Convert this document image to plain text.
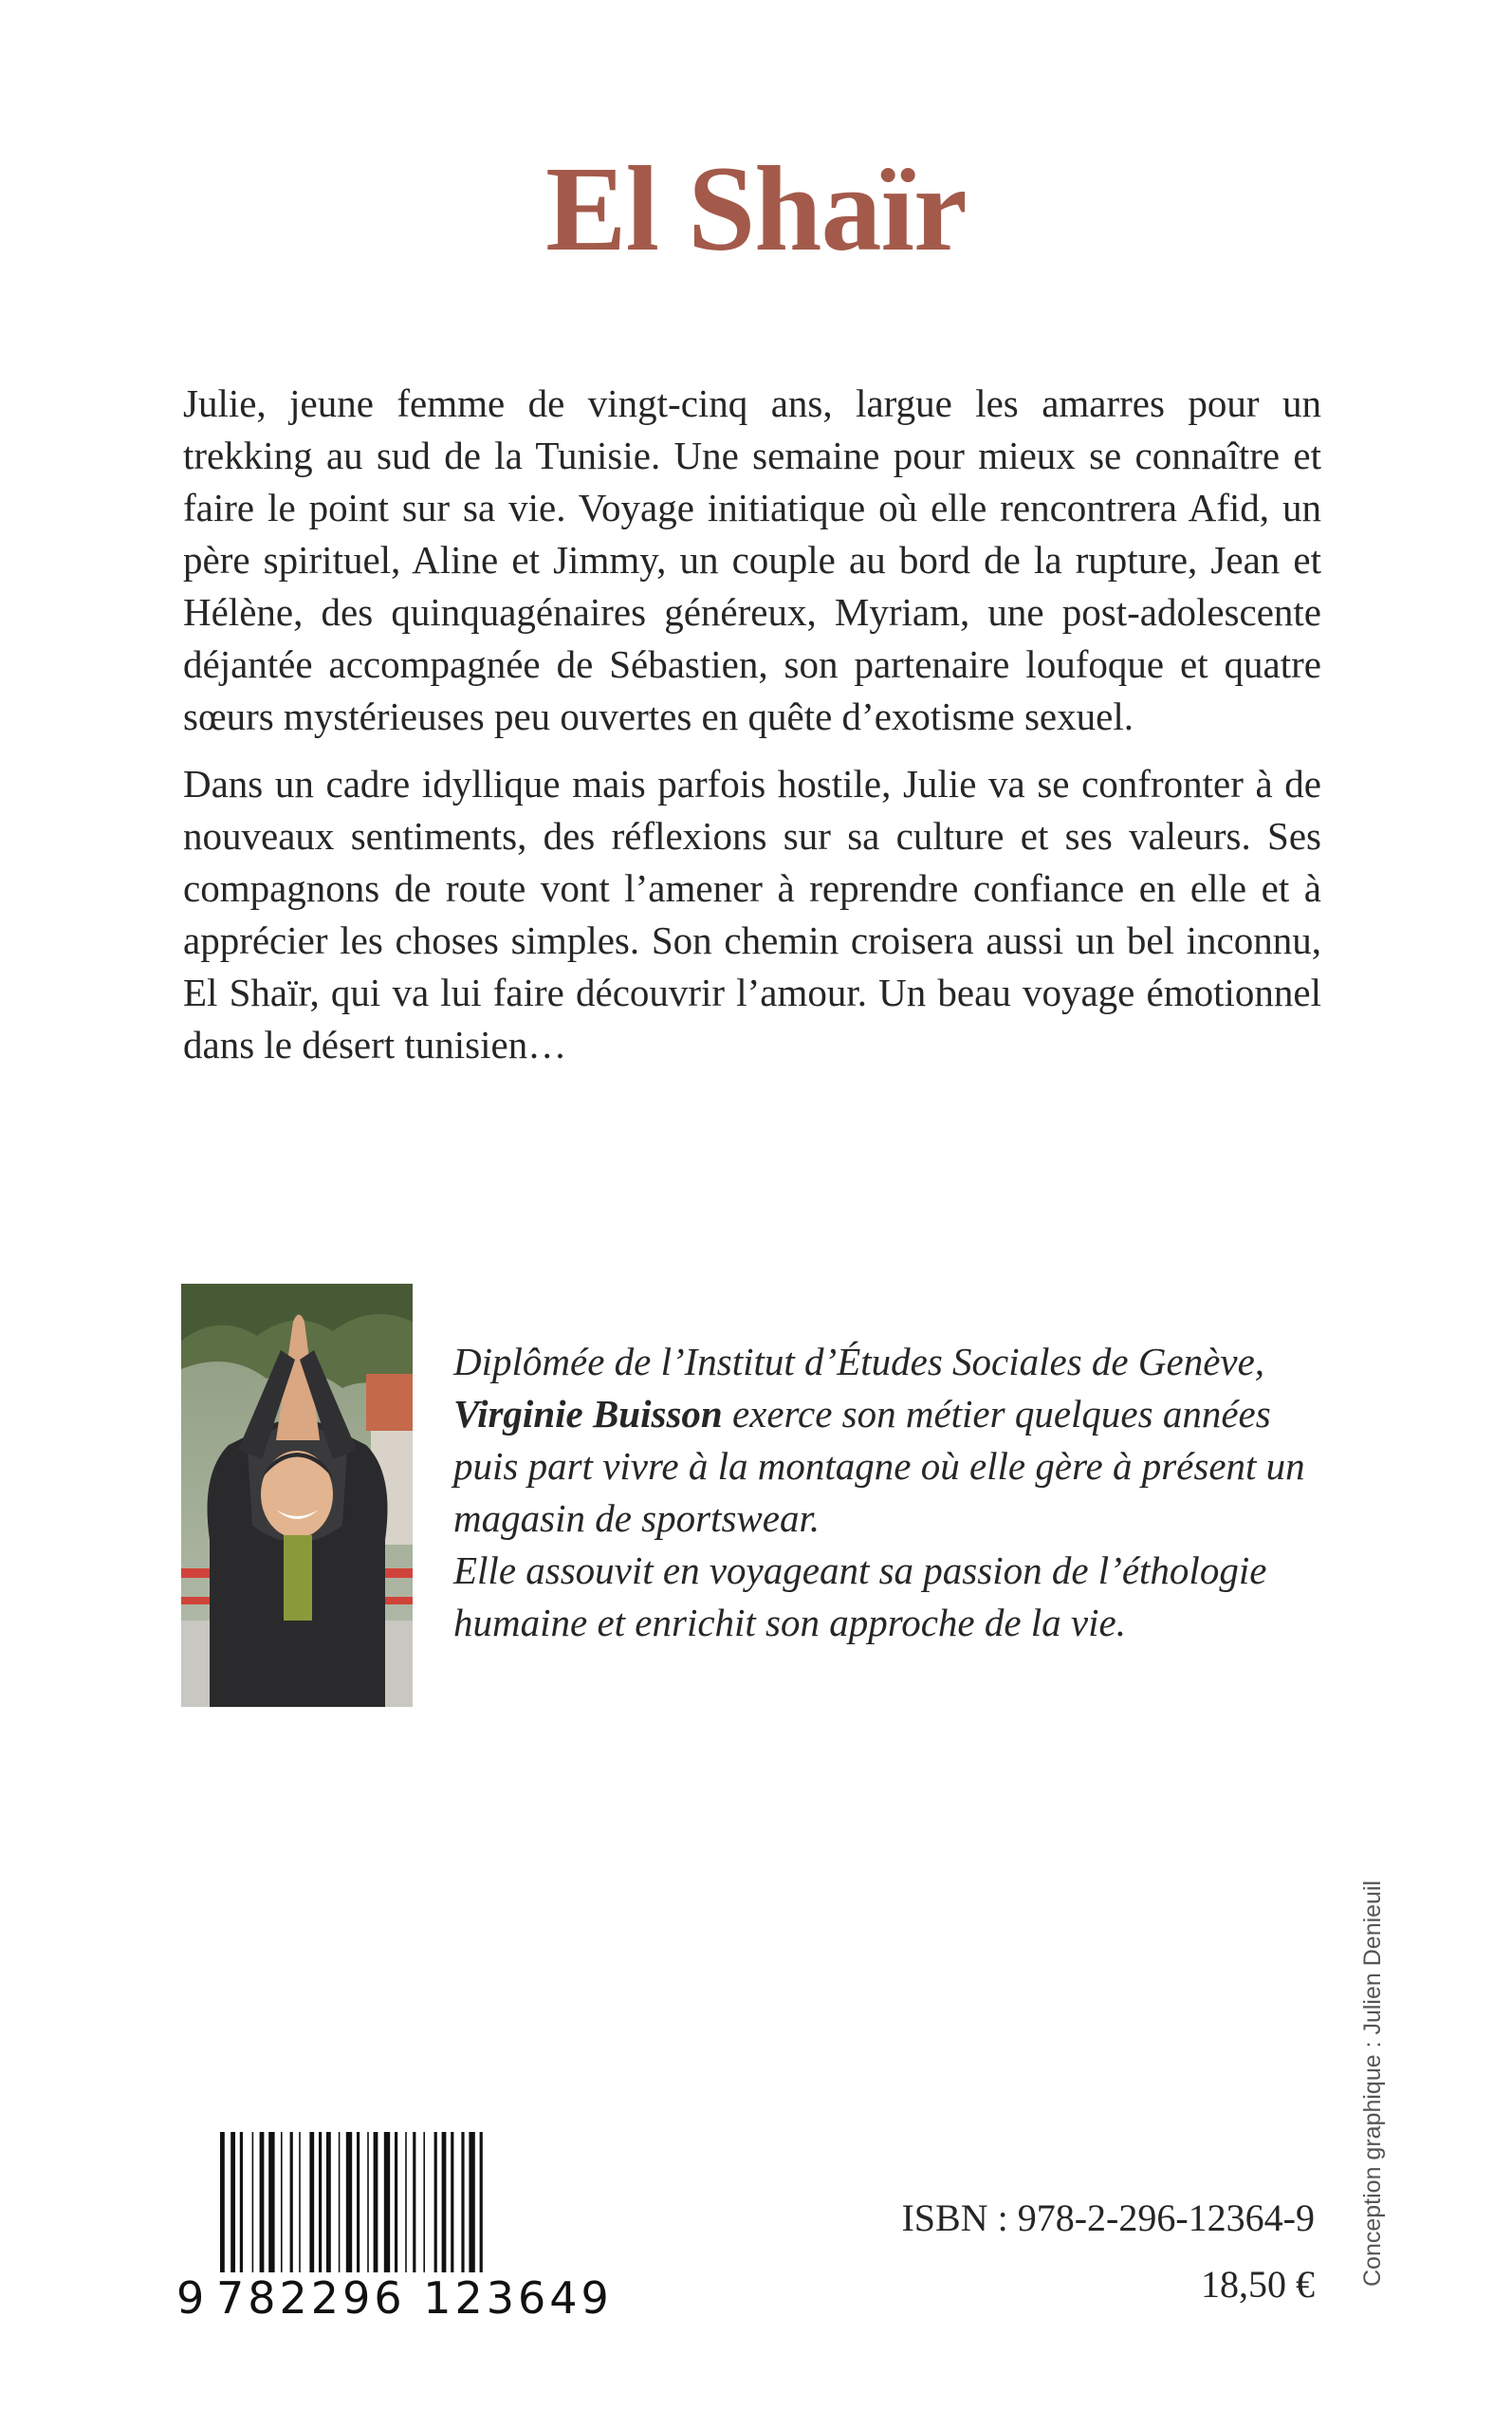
El Shaïr

Julie, jeune femme de vingt-cinq ans, largue les amarres pour un trekking au sud de la Tunisie. Une semaine pour mieux se connaître et faire le point sur sa vie. Voyage initiatique où elle rencontrera Afid, un père spirituel, Aline et Jimmy, un couple au bord de la rupture, Jean et Hélène, des quinquagénaires généreux, Myriam, une post-adolescente déjantée accompagnée de Sébastien, son partenaire loufoque et quatre sœurs mystérieuses peu ouvertes en quête d’exotisme sexuel.

Dans un cadre idyllique mais parfois hostile, Julie va se confronter à de nouveaux sentiments, des réflexions sur sa culture et ses valeurs. Ses compagnons de route vont l’amener à reprendre confiance en elle et à apprécier les choses simples. Son chemin croisera aussi un bel inconnu, El Shaïr, qui va lui faire découvrir l’amour. Un beau voyage émotionnel dans le désert tunisien…

Diplômée de l’Institut d’Études Sociales de Genève,

Virginie Buisson exerce son métier quelques années puis part vivre à la montagne où elle gère à présent un magasin de sportswear.

Elle assouvit en voyageant sa passion de l’éthologie humaine et enrichit son approche de la vie.

9 782296 123649
ISBN : 978-2-296-12364-9
18,50 € Conception graphique : Julien Denieuil
